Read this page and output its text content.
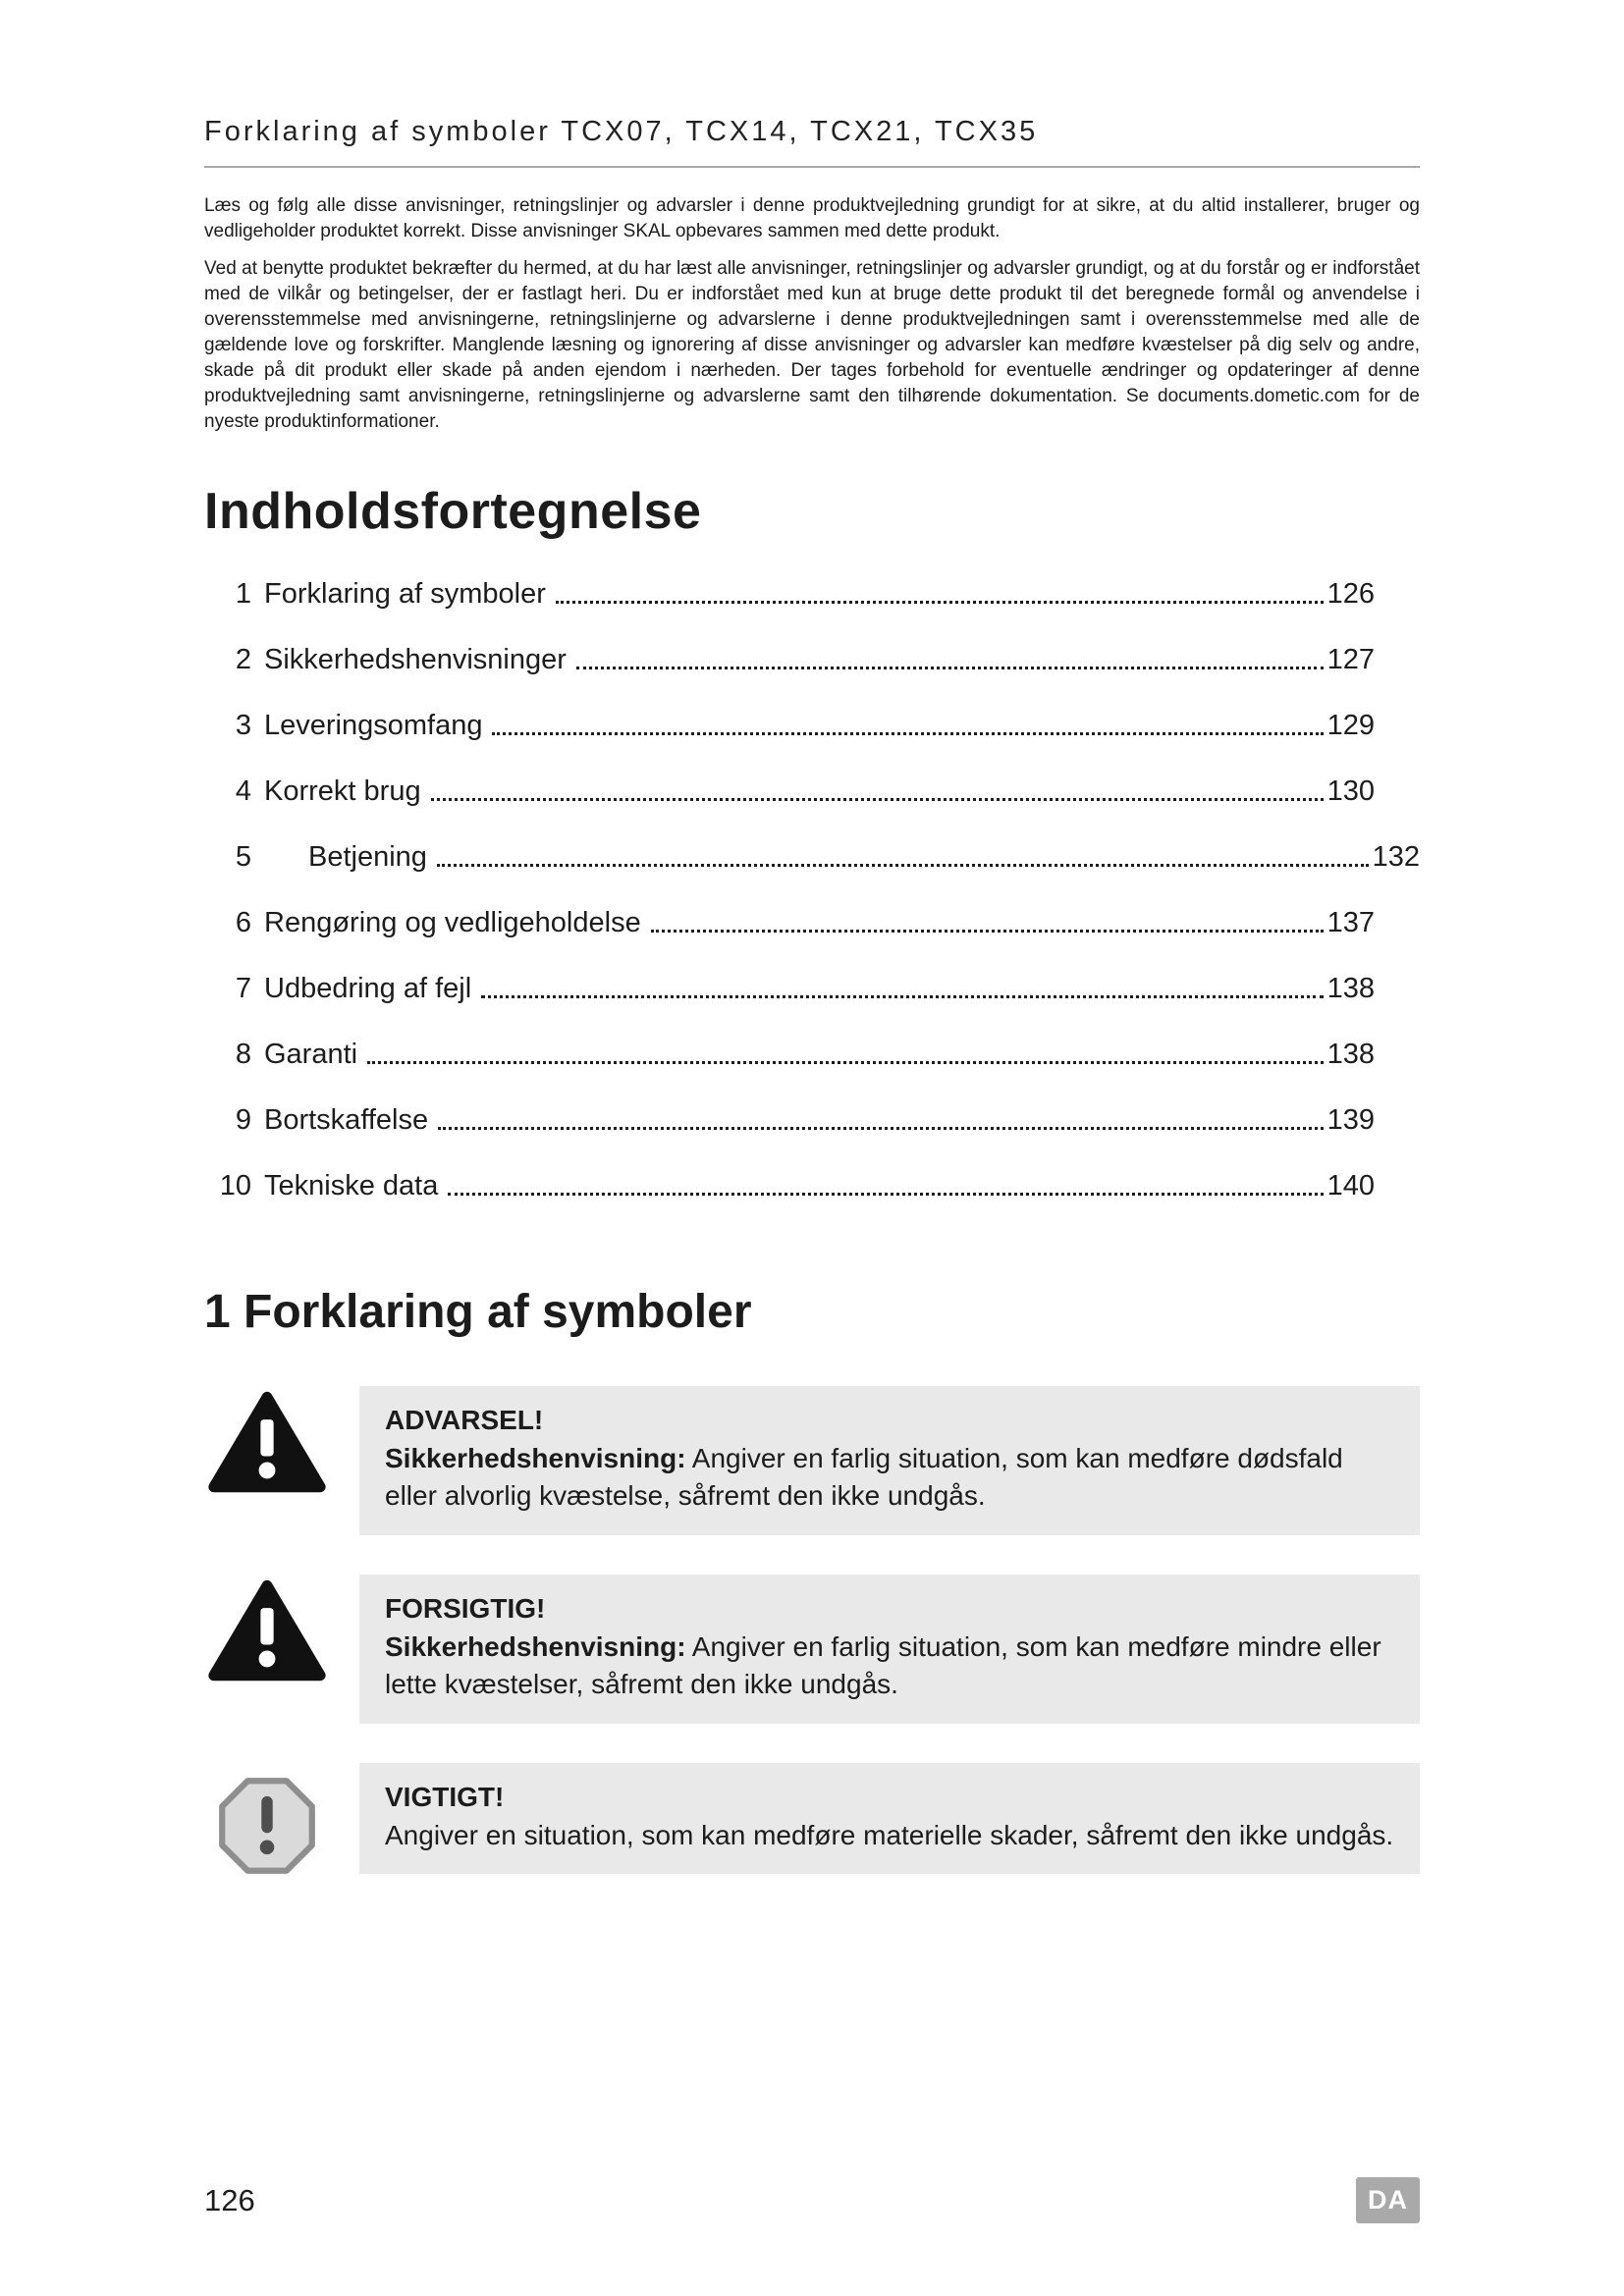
Forklaring af symboler TCX07, TCX14, TCX21, TCX35

Læs og følg alle disse anvisninger, retningslinjer og advarsler i denne produktvejledning grundigt for at sikre, at du altid installerer, bruger og vedligeholder produktet korrekt. Disse anvisninger SKAL opbevares sammen med dette produkt.

Ved at benytte produktet bekræfter du hermed, at du har læst alle anvisninger, retningslinjer og advarsler grundigt, og at du forstår og er indforstået med de vilkår og betingelser, der er fastlagt heri. Du er indforstået med kun at bruge dette produkt til det beregnede formål og anvendelse i overensstemmelse med anvisningerne, retningslinjerne og advarslerne i denne produktvejledningen samt i overensstemmelse med alle de gældende love og forskrifter. Manglende læsning og ignorering af disse anvisninger og advarsler kan medføre kvæstelser på dig selv og andre, skade på dit produkt eller skade på anden ejendom i nærheden. Der tages forbehold for eventuelle ændringer og opdateringer af denne produktvejledning samt anvisningerne, retningslinjerne og advarslerne samt den tilhørende dokumentation. Se documents.dometic.com for de nyeste produktinformationer.

Indholdsfortegnelse
1 Forklaring af symboler	126
2 Sikkerhedshenvisninger	127
3 Leveringsomfang	129
4 Korrekt brug	130
5 Betjening	132
6 Rengøring og vedligeholdelse	137
7 Udbedring af fejl	138
8 Garanti	138
9 Bortskaffelse	139
10 Tekniske data	140
1 Forklaring af symboler
ADVARSEL!
Sikkerhedshenvisning: Angiver en farlig situation, som kan medføre dødsfald eller alvorlig kvæstelse, såfremt den ikke undgås.
FORSIGTIG!
Sikkerhedshenvisning: Angiver en farlig situation, som kan medføre mindre eller lette kvæstelser, såfremt den ikke undgås.
VIGTIGT!
Angiver en situation, som kan medføre materielle skader, såfremt den ikke undgås.
126	DA
